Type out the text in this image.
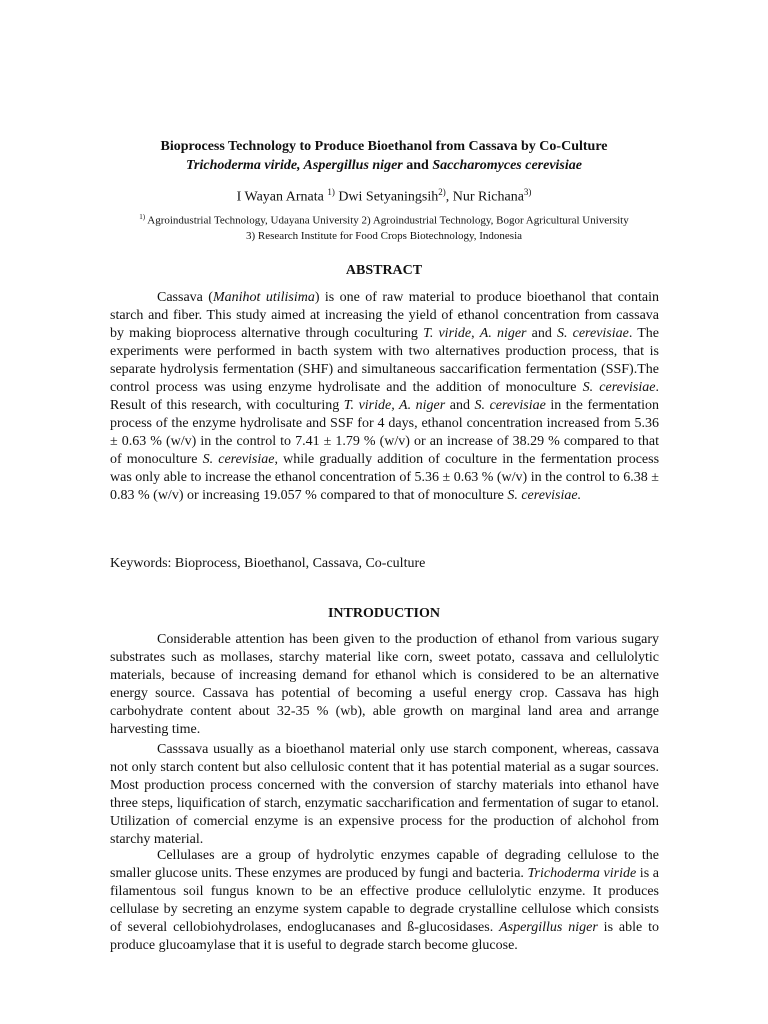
Bioprocess Technology to Produce Bioethanol from Cassava by Co-Culture

Trichoderma viride, Aspergillus niger and Saccharomyces cerevisiae

I Wayan Arnata $^{1)}$ Dwi Setyaningsih$^{2)}$, Nur Richana$^{3)}$
$^{1)}$ Agroindustrial Technology, Udayana University 2) Agroindustrial Technology, Bogor Agricultural University
3) Research Institute for Food Crops Biotechnology, Indonesia
ABSTRACT

Cassava (Manihot utilisima) is one of raw material to produce bioethanol that contain starch and fiber. This study aimed at increasing the yield of ethanol concentration from cassava by making bioprocess alternative through coculturing T. viride, A. niger and S. cerevisiae. The experiments were performed in bacth system with two alternatives production process, that is separate hydrolysis fermentation (SHF) and simultaneous saccarification fermentation (SSF).The control process was using enzyme hydrolisate and the addition of monoculture S. cerevisiae. Result of this research, with coculturing T. viride, A. niger and S. cerevisiae in the fermentation process of the enzyme hydrolisate and SSF for 4 days, ethanol concentration increased from 5.36 ± 0.63 % (w/v) in the control to 7.41 ± 1.79 % (w/v) or an increase of 38.29 % compared to that of monoculture S. cerevisiae, while gradually addition of coculture in the fermentation process was only able to increase the ethanol concentration of 5.36 ± 0.63 % (w/v) in the control to 6.38 ± 0.83 % (w/v) or increasing 19.057 % compared to that of monoculture S. cerevisiae.

Keywords: Bioprocess, Bioethanol, Cassava, Co-culture

INTRODUCTION

Considerable attention has been given to the production of ethanol from various sugary substrates such as mollases, starchy material like corn, sweet potato, cassava and cellulolytic materials, because of increasing demand for ethanol which is considered to be an alternative energy source. Cassava has potential of becoming a useful energy crop. Cassava has high carbohydrate content about 32-35 % (wb), able growth on marginal land area and arrange harvesting time.

Casssava usually as a bioethanol material only use starch component, whereas, cassava not only starch content but also cellulosic content that it has potential material as a sugar sources. Most production process concerned with the conversion of starchy materials into ethanol have three steps, liquification of starch, enzymatic saccharification and fermentation of sugar to etanol. Utilization of comercial enzyme is an expensive process for the production of alchohol from starchy material.

Cellulases are a group of hydrolytic enzymes capable of degrading cellulose to the smaller glucose units. These enzymes are produced by fungi and bacteria. Trichoderma viride is a filamentous soil fungus known to be an effective produce cellulolytic enzyme. It produces cellulase by secreting an enzyme system capable to degrade crystalline cellulose which consists of several cellobiohydrolases, endoglucanases and ß-glucosidases. Aspergillus niger is able to produce glucoamylase that it is useful to degrade starch become glucose.
